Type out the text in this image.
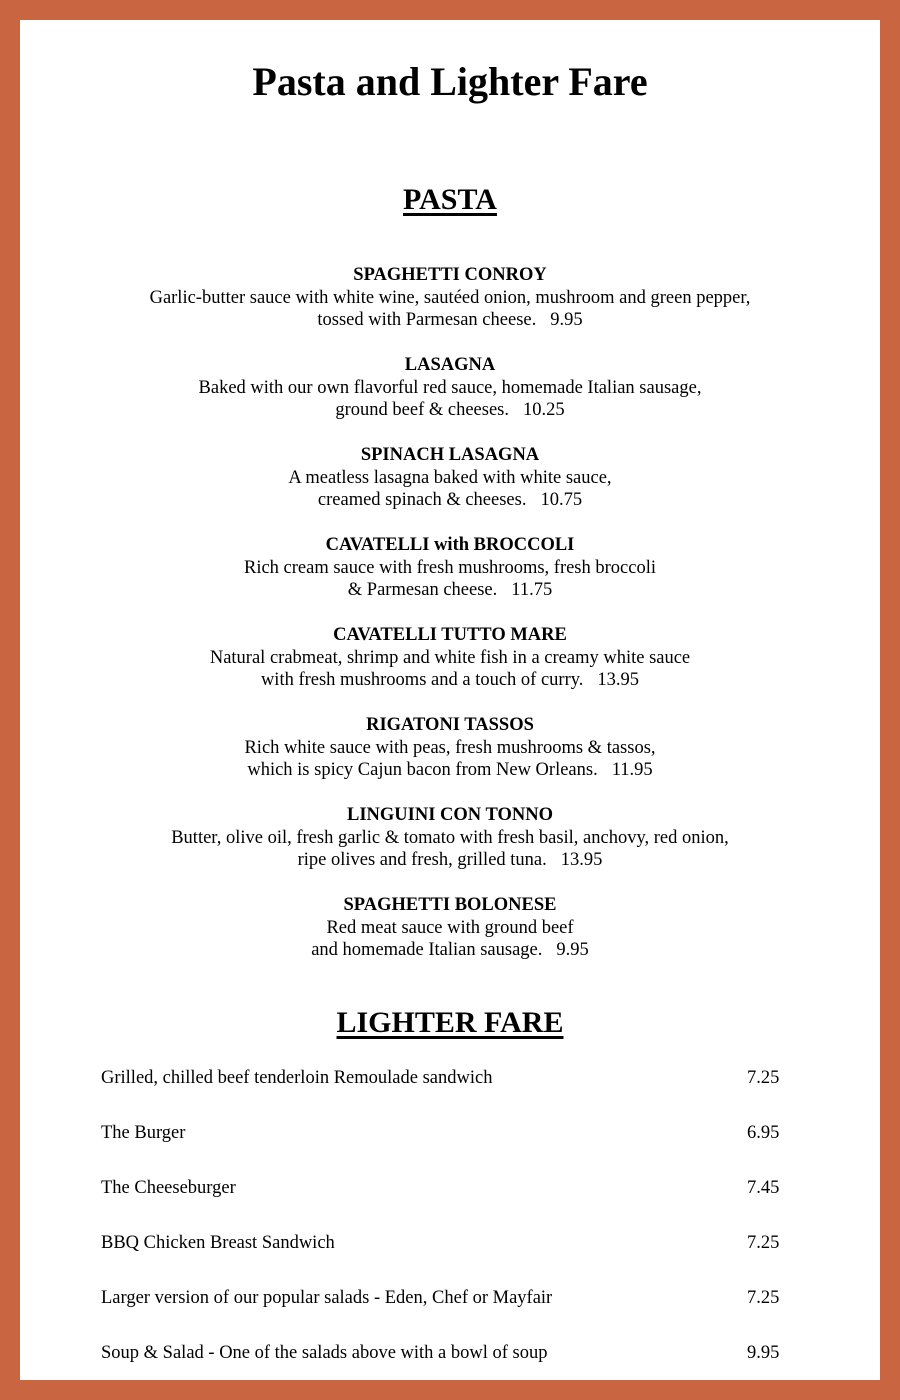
Pasta and Lighter Fare
PASTA
SPAGHETTI CONROY
Garlic-butter sauce with white wine, sautéed onion, mushroom and green pepper,
tossed with Parmesan cheese. 9.95
LASAGNA
Baked with our own flavorful red sauce, homemade Italian sausage,
ground beef & cheeses. 10.25
SPINACH LASAGNA
A meatless lasagna baked with white sauce,
creamed spinach & cheeses. 10.75
CAVATELLI with BROCCOLI
Rich cream sauce with fresh mushrooms, fresh broccoli
& Parmesan cheese. 11.75
CAVATELLI TUTTO MARE
Natural crabmeat, shrimp and white fish in a creamy white sauce
with fresh mushrooms and a touch of curry. 13.95
RIGATONI TASSOS
Rich white sauce with peas, fresh mushrooms & tassos,
which is spicy Cajun bacon from New Orleans. 11.95
LINGUINI CON TONNO
Butter, olive oil, fresh garlic & tomato with fresh basil, anchovy, red onion,
ripe olives and fresh, grilled tuna. 13.95
SPAGHETTI BOLONESE
Red meat sauce with ground beef
and homemade Italian sausage. 9.95
LIGHTER FARE
Grilled, chilled beef tenderloin Remoulade sandwich	7.25
The Burger	6.95
The Cheeseburger	7.45
BBQ Chicken Breast Sandwich	7.25
Larger version of our popular salads - Eden, Chef or Mayfair	7.25
Soup & Salad - One of the salads above with a bowl of soup	9.95
